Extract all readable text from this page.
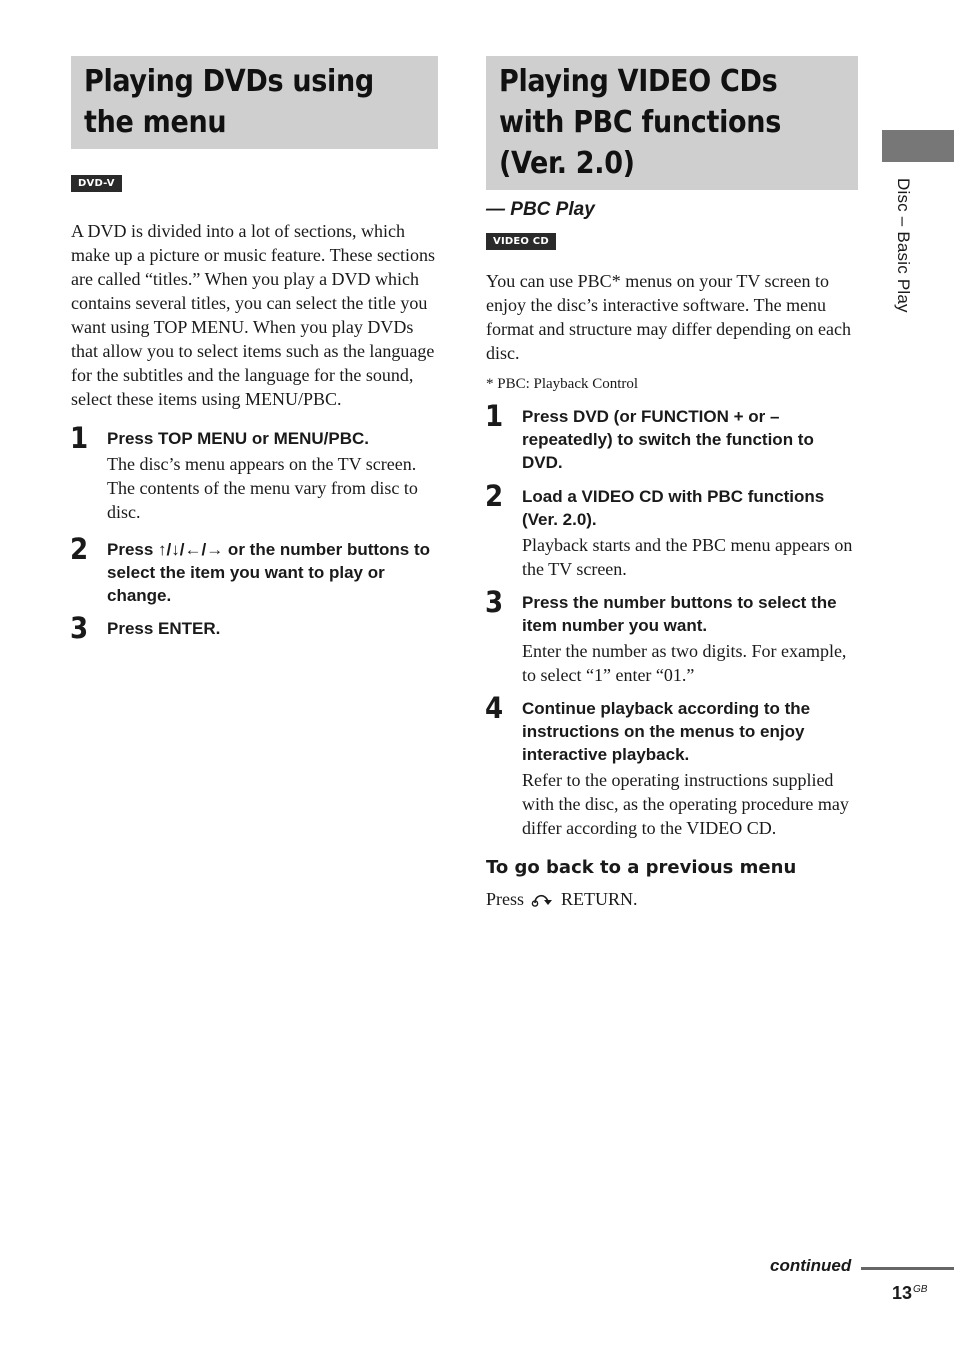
Playing DVDs using the menu
DVD-V

A DVD is divided into a lot of sections, which make up a picture or music feature. These sections are called “titles.” When you play a DVD which contains several titles, you can select the title you want using TOP MENU. When you play DVDs that allow you to select items such as the language for the subtitles and the language for the sound, select these items using MENU/PBC.

1 Press TOP MENU or MENU/PBC.
The disc’s menu appears on the TV screen. The contents of the menu vary from disc to disc.
2 Press ↑/↓/←/→ or the number buttons to select the item you want to play or change.
3 Press ENTER.
Playing VIDEO CDs with PBC functions (Ver. 2.0)
— PBC Play
VIDEO CD

You can use PBC* menus on your TV screen to enjoy the disc’s interactive software. The menu format and structure may differ depending on each disc.

* PBC: Playback Control

1 Press DVD (or FUNCTION + or – repeatedly) to switch the function to DVD.
2 Load a VIDEO CD with PBC functions (Ver. 2.0).
Playback starts and the PBC menu appears on the TV screen.
3 Press the number buttons to select the item number you want.
Enter the number as two digits. For example, to select “1” enter “01.”
4 Continue playback according to the instructions on the menus to enjoy interactive playback.
Refer to the operating instructions supplied with the disc, as the operating procedure may differ according to the VIDEO CD.
To go back to a previous menu

Press RETURN.

Disc – Basic Play
continued
$13^{GB}$
